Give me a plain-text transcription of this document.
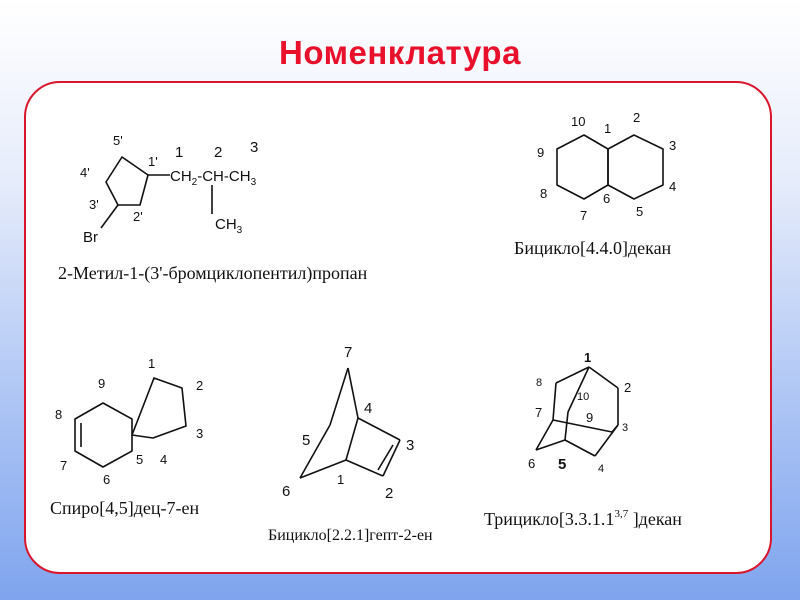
Номенклатура
5'
1'
4'
3'
2'
1 2 3
Br
$CH_2-CH-CH_3$
$CH_3$
2-Метил-1-(3'-бромциклопентил)пропан
10 1
2
3
4
5
6
7
8
9
Бицикло[4.4.0]декан
1
2
3
4
5
6
7
8
9
Спиро[4,5]дец-7-ен
7
4
5	3
1
6	2
Бицикло[2.2.1]гепт-2-ен
1
2
3
4
5
6
7
8
9
10
Трицикло[3.3.1.1$^{3,7}$ ]декан
